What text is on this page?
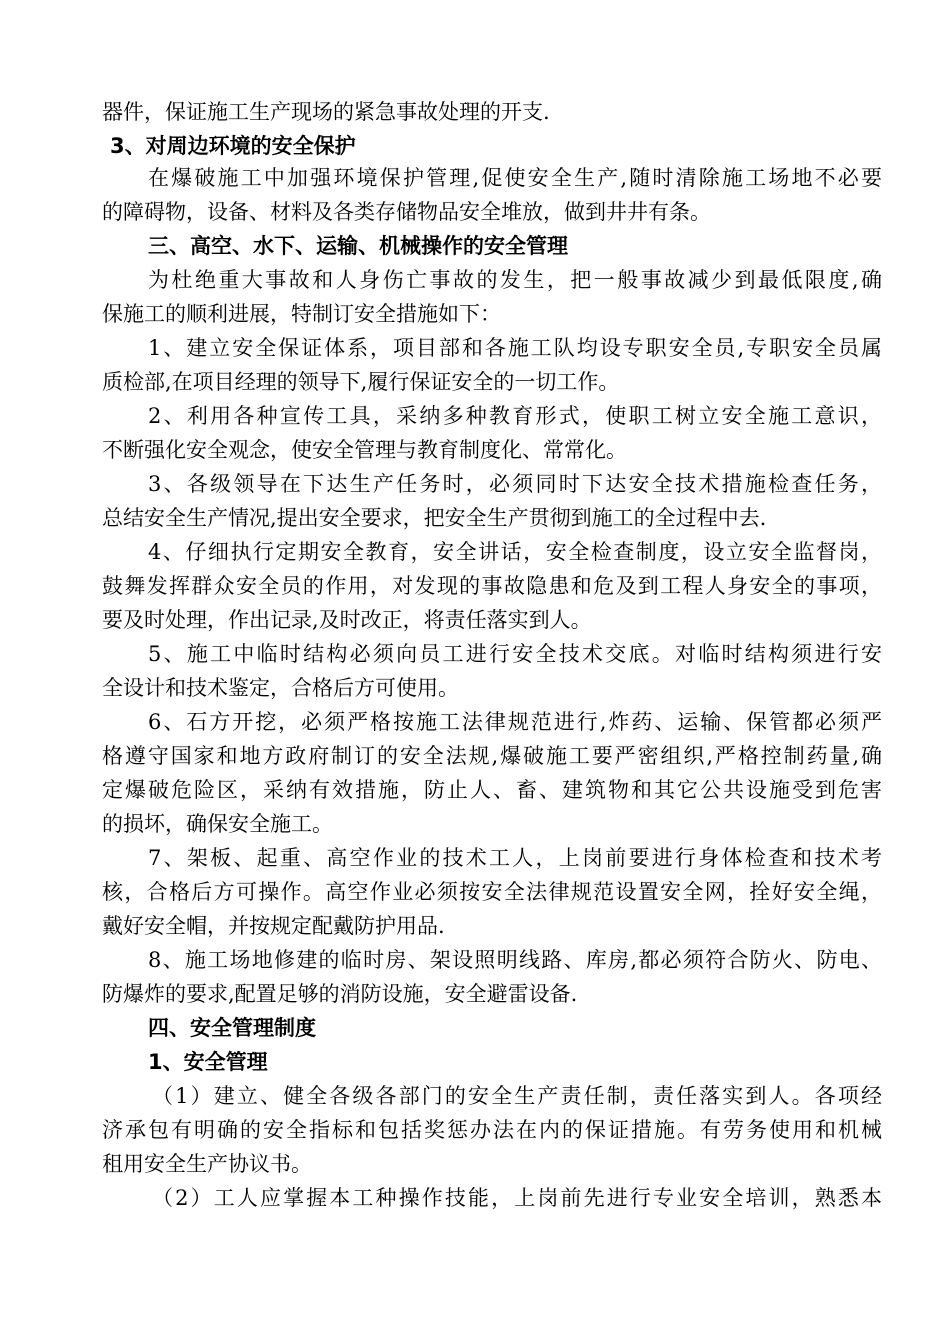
器件，保证施工生产现场的紧急事故处理的开支.
3、对周边环境的安全保护
在爆破施工中加强环境保护管理,促使安全生产,随时清除施工场地不必要
的障碍物，设备、材料及各类存储物品安全堆放，做到井井有条。
三、高空、水下、运输、机械操作的安全管理
为杜绝重大事故和人身伤亡事故的发生，把一般事故减少到最低限度,确
保施工的顺利进展，特制订安全措施如下：
1、建立安全保证体系，项目部和各施工队均设专职安全员,专职安全员属
质检部,在项目经理的领导下,履行保证安全的一切工作。
2、利用各种宣传工具，采纳多种教育形式，使职工树立安全施工意识，
不断强化安全观念，使安全管理与教育制度化、常常化。
3、各级领导在下达生产任务时，必须同时下达安全技术措施检查任务，
总结安全生产情况,提出安全要求，把安全生产贯彻到施工的全过程中去.
4、仔细执行定期安全教育，安全讲话，安全检查制度，设立安全监督岗，
鼓舞发挥群众安全员的作用，对发现的事故隐患和危及到工程人身安全的事项，
要及时处理，作出记录,及时改正，将责任落实到人。
5、施工中临时结构必须向员工进行安全技术交底。对临时结构须进行安
全设计和技术鉴定，合格后方可使用。
6、石方开挖，必须严格按施工法律规范进行,炸药、运输、保管都必须严
格遵守国家和地方政府制订的安全法规,爆破施工要严密组织,严格控制药量,确
定爆破危险区，采纳有效措施，防止人、畜、建筑物和其它公共设施受到危害
的损坏，确保安全施工。
7、架板、起重、高空作业的技术工人，上岗前要进行身体检查和技术考
核，合格后方可操作。高空作业必须按安全法律规范设置安全网，拴好安全绳，
戴好安全帽，并按规定配戴防护用品.
8、施工场地修建的临时房、架设照明线路、库房,都必须符合防火、防电、
防爆炸的要求,配置足够的消防设施，安全避雷设备.
四、安全管理制度
1、安全管理
（1）建立、健全各级各部门的安全生产责任制，责任落实到人。各项经
济承包有明确的安全指标和包括奖惩办法在内的保证措施。有劳务使用和机械
租用安全生产协议书。
（2）工人应掌握本工种操作技能，上岗前先进行专业安全培训，熟悉本
